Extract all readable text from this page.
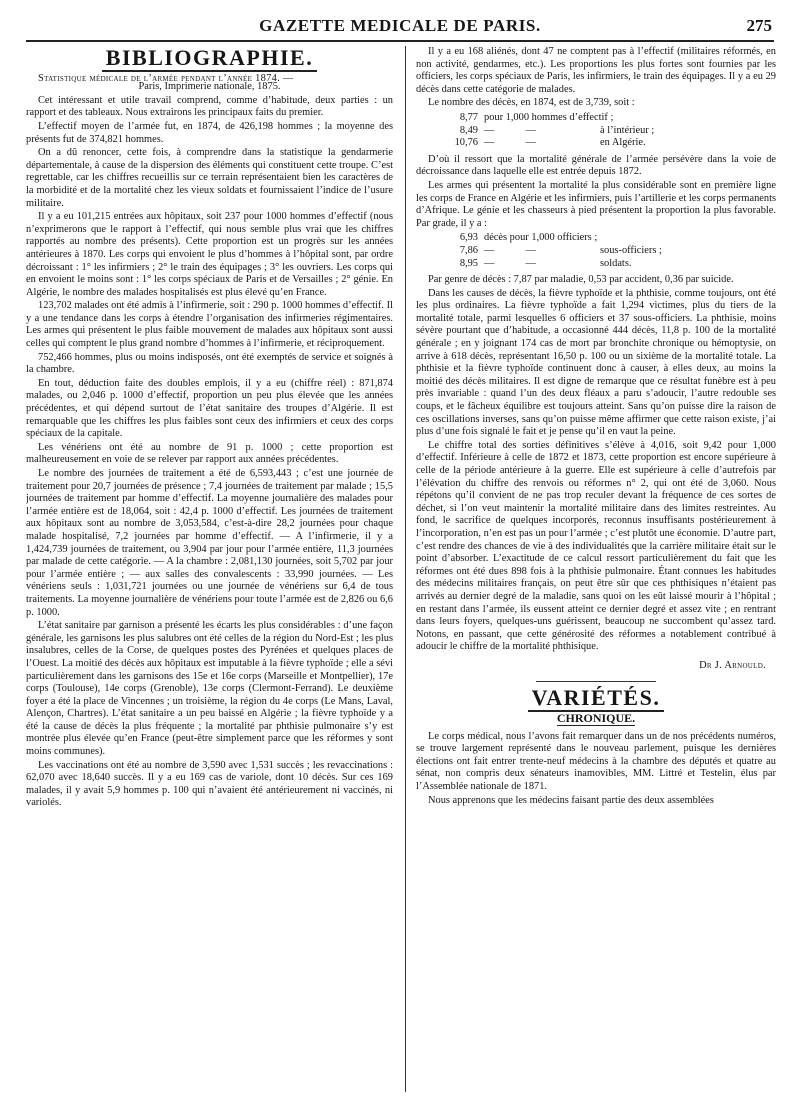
GAZETTE MEDICALE DE PARIS.	275
BIBLIOGRAPHIE.

Statistique médicale de l’armée pendant l’année 1874. —

Paris, Imprimerie nationale, 1875.

Cet intéressant et utile travail comprend, comme d’habitude, deux parties : un rapport et des tableaux. Nous extrairons les principaux faits du premier.

L’effectif moyen de l’armée fut, en 1874, de 426,198 hommes ; la moyenne des présents fut de 374,821 hommes.

On a dû renoncer, cette fois, à comprendre dans la statistique la gendarmerie départementale, à cause de la dispersion des éléments qui constituent cette troupe. C’est regrettable, car les chiffres recueillis sur ce terrain représentaient bien les caractères de la morbidité et de la mortalité chez les vieux soldats et fournissaient l’indice de l’usure militaire.

Il y a eu 101,215 entrées aux hôpitaux, soit 237 pour 1000 hommes d’effectif (nous n’exprimerons que le rapport à l’effectif, qui nous semble plus vrai que les chiffres rapportés au nombre des présents). Cette proportion est un progrès sur les années antérieures à 1870. Les corps qui envoient le plus d’hommes à l’hôpital sont, par ordre décroissant : 1° les infirmiers ; 2° le train des équipages ; 3° les ouvriers. Les corps qui en envoient le moins sont : 1° les corps spéciaux de Paris et de Versailles ; 2° génie. En Algérie, le nombre des malades hospitalisés est plus élevé qu’en France.

123,702 malades ont été admis à l’infirmerie, soit : 290 p. 1000 hommes d’effectif. Il y a une tendance dans les corps à étendre l’organisation des infirmeries régimentaires. Les armes qui présentent le plus faible mouvement de malades aux hôpitaux sont aussi celles qui comptent le plus grand nombre d’hommes à l’infirmerie, et réciproquement.

752,466 hommes, plus ou moins indisposés, ont été exemptés de service et soignés à la chambre.

En tout, déduction faite des doubles emplois, il y a eu (chiffre réel) : 871,874 malades, ou 2,046 p. 1000 d’effectif, proportion un peu plus élevée que les années précédentes, et qui dépend surtout de l’état sanitaire des troupes d’Algérie. Il est remarquable que les chiffres les plus faibles sont ceux des infirmiers et ceux des corps spéciaux de la capitale.

Les vénériens ont été au nombre de 91 p. 1000 ; cette proportion est malheureusement en voie de se relever par rapport aux années précédentes.

Le nombre des journées de traitement a été de 6,593,443 ; c’est une journée de traitement pour 20,7 journées de présence ; 7,4 journées de traitement par malade ; 15,5 journées de traitement par homme d’effectif. La moyenne journalière des malades pour l’armée entière est de 18,064, soit : 42,4 p. 1000 d’effectif. Les journées de traitement aux hôpitaux sont au nombre de 3,053,584, c’est-à-dire 28,2 journées pour chaque malade hospitalisé, 7,2 journées par homme d’effectif. — A l’infirmerie, il y a 1,424,739 journées de traitement, ou 3,904 par jour pour l’armée entière, 11,3 journées par malade de cette catégorie. — A la chambre : 2,081,130 journées, soit 5,702 par jour pour l’armée entière ; — aux salles des convalescents : 33,990 journées. — Les vénériens seuls : 1,031,721 journées ou une journée de vénériens sur 6,4 de tous traitements. La moyenne journalière de vénériens pour toute l’armée est de 2,826 ou 6,6 p. 1000.

L’état sanitaire par garnison a présenté les écarts les plus considérables : d’une façon générale, les garnisons les plus salubres ont été celles de la région du Nord-Est ; les plus insalubres, celles de la Corse, de quelques postes des Pyrénées et quelques places de l’Ouest. La moitié des décès aux hôpitaux est imputable à la fièvre typhoïde ; elle a sévi particulièrement dans les garnisons des 15e et 16e corps (Marseille et Montpellier), 17e corps (Toulouse), 14e corps (Grenoble), 13e corps (Clermont-Ferrand). Le deuxième foyer a été la place de Vincennes ; un troisième, la région du 4e corps (Le Mans, Laval, Alençon, Chartres). L’état sanitaire a un peu baissé en Algérie ; la fièvre typhoïde y a été la cause de décès la plus fréquente ; la mortalité par phthisie pulmonaire s’y est montrée plus élevée qu’en France (peut-être simplement parce que les réformes y sont moins communes).

Les vaccinations ont été au nombre de 3,590 avec 1,531 succès ; les revaccinations : 62,070 avec 18,640 succès. Il y a eu 169 cas de variole, dont 10 décès. Sur ces 169 malades, il y avait 5,9 hommes p. 100 qui n’avaient été antérieurement ni vaccinés, ni variolés.

Il y a eu 168 aliénés, dont 47 ne comptent pas à l’effectif (militaires réformés, en non activité, gendarmes, etc.). Les proportions les plus fortes sont fournies par les officiers, les corps spéciaux de Paris, les infirmiers, le train des équipages. Il y a eu 29 décès dans cette catégorie de malades.

Le nombre des décès, en 1874, est de 3,739, soit :

8,77 pour 1,000 hommes d’effectif ;
8,49 —            —	à l’intérieur ;
10,76 —            —	en Algérie.

D’où il ressort que la mortalité générale de l’armée persévère dans la voie de décroissance dans laquelle elle est entrée depuis 1872.

Les armes qui présentent la mortalité la plus considérable sont en première ligne les corps de France en Algérie et les infirmiers, puis l’artillerie et les corps permanents d’Afrique. Le génie et les chasseurs à pied présentent la proportion la plus favorable. Par grade, il y a :

6,93 décès pour 1,000 officiers ;
7,86 —            —	sous-officiers ;
8,95 —            —	soldats.

Par genre de décès : 7,87 par maladie, 0,53 par accident, 0,36 par suicide.

Dans les causes de décès, la fièvre typhoïde et la phthisie, comme toujours, ont été les plus ordinaires. La fièvre typhoïde a fait 1,294 victimes, plus du tiers de la mortalité totale, parmi lesquelles 6 officiers et 37 sous-officiers. La phthisie, moins sévère pourtant que d’habitude, a occasionné 444 décès, 11,8 p. 100 de la mortalité générale ; en y joignant 174 cas de mort par bronchite chronique ou hémoptysie, on arrive à 618 décès, représentant 16,50 p. 100 ou un sixième de la mortalité totale. La phthisie et la fièvre typhoïde continuent donc à causer, à elles deux, au moins la moitié des décès militaires. Il est digne de remarque que ce résultat funèbre est à peu près invariable : quand l’un des deux fléaux a paru s’adoucir, l’autre redouble ses coups, et le fâcheux équilibre est toujours atteint. Sans qu’on puisse dire la raison de ces oscillations inverses, sans qu’on puisse même affirmer que cette raison existe, j’ai plus d’une fois signalé le fait et je pense qu’il en vaut la peine.

Le chiffre total des sorties définitives s’élève à 4,016, soit 9,42 pour 1,000 d’effectif. Inférieure à celle de 1872 et 1873, cette proportion est encore supérieure à celle de la période antérieure à la guerre. Elle est supérieure à celle d’autrefois par l’élévation du chiffre des renvois ou réformes n° 2, qui ont été de 3,060. Nous répétons qu’il convient de ne pas trop reculer devant la fréquence de ces sortes de déchet, si l’on veut maintenir la mortalité militaire dans des limites restreintes. Au fond, le sacrifice de quelques incorporés, reconnus insuffisants postérieurement à l’incorporation, n’en est pas un pour l’armée ; c’est plutôt une économie. D’autre part, c’est rendre des chances de vie à des individualités que la carrière militaire était sur le point d’absorber. L’exactitude de ce calcul ressort particulièrement du fait que les réformes ont été dues 898 fois à la phthisie pulmonaire. Étant connues les habitudes des médecins militaires français, on peut être sûr que ces phthisiques n’étaient pas arrivés au dernier degré de la maladie, sans quoi on les eût laissé mourir à l’hôpital ; en restant dans l’armée, ils eussent atteint ce dernier degré et assez vite ; en rentrant dans leurs foyers, quelques-uns guérissent, beaucoup ne succombent qu’assez tard. Notons, en passant, que cette générosité des réformes a notablement contribué à adoucir le chiffre de la mortalité phthisique.

Dr J. Arnould.
VARIÉTÉS.
CHRONIQUE.

Le corps médical, nous l’avons fait remarquer dans un de nos précédents numéros, se trouve largement représenté dans le nouveau parlement, puisque les dernières élections ont fait entrer trente-neuf médecins à la chambre des députés et quatre au sénat, non compris deux sénateurs inamovibles, MM. Littré et Testelin, élus par l’Assemblée nationale de 1871.

Nous apprenons que les médecins faisant partie des deux assemblées
